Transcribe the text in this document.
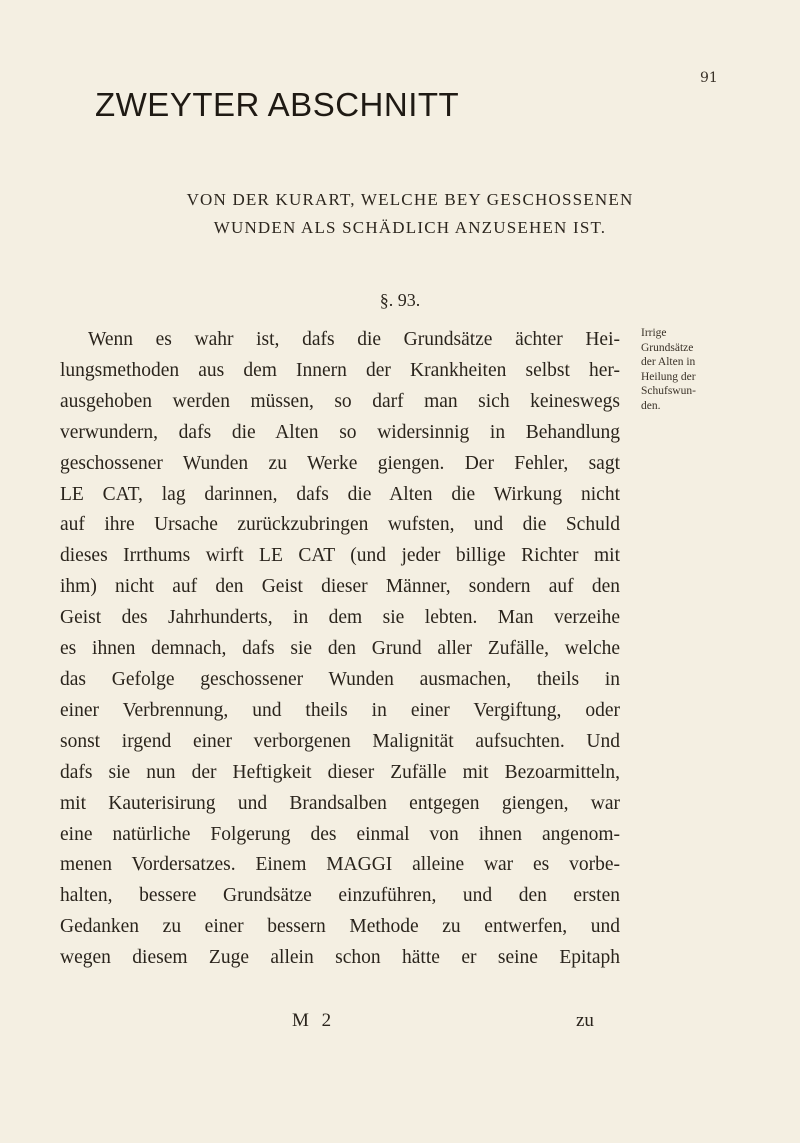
91
ZWEYTER ABSCHNITT
VON DER KURART, WELCHE BEY GESCHOSSENEN
WUNDEN ALS SCHÄDLICH ANZUSEHEN IST.
§. 93.
Wenn es wahr ist, dafs die Grundsätze ächter Hei-
lungsmethoden aus dem Innern der Krankheiten selbst her-
ausgehoben werden müssen, so darf man sich keineswegs
verwundern, dafs die Alten so widersinnig in Behandlung
geschossener Wunden zu Werke giengen. Der Fehler, sagt
LE CAT, lag darinnen, dafs die Alten die Wirkung nicht
auf ihre Ursache zurückzubringen wufsten, und die Schuld
dieses Irrthums wirft LE CAT (und jeder billige Richter mit
ihm) nicht auf den Geist dieser Männer, sondern auf den
Geist des Jahrhunderts, in dem sie lebten. Man verzeihe
es ihnen demnach, dafs sie den Grund aller Zufälle, welche
das Gefolge geschossener Wunden ausmachen, theils in
einer Verbrennung, und theils in einer Vergiftung, oder
sonst irgend einer verborgenen Malignität aufsuchten. Und
dafs sie nun der Heftigkeit dieser Zufälle mit Bezoarmitteln,
mit Kauterisirung und Brandsalben entgegen giengen, war
eine natürliche Folgerung des einmal von ihnen angenom-
menen Vordersatzes. Einem MAGGI alleine war es vorbe-
halten, bessere Grundsätze einzuführen, und den ersten
Gedanken zu einer bessern Methode zu entwerfen, und
wegen diesem Zuge allein schon hätte er seine Epitaph
Irrige
Grundsätze
der Alten in
Heilung der
Schufswun-
den.
M 2	zu
